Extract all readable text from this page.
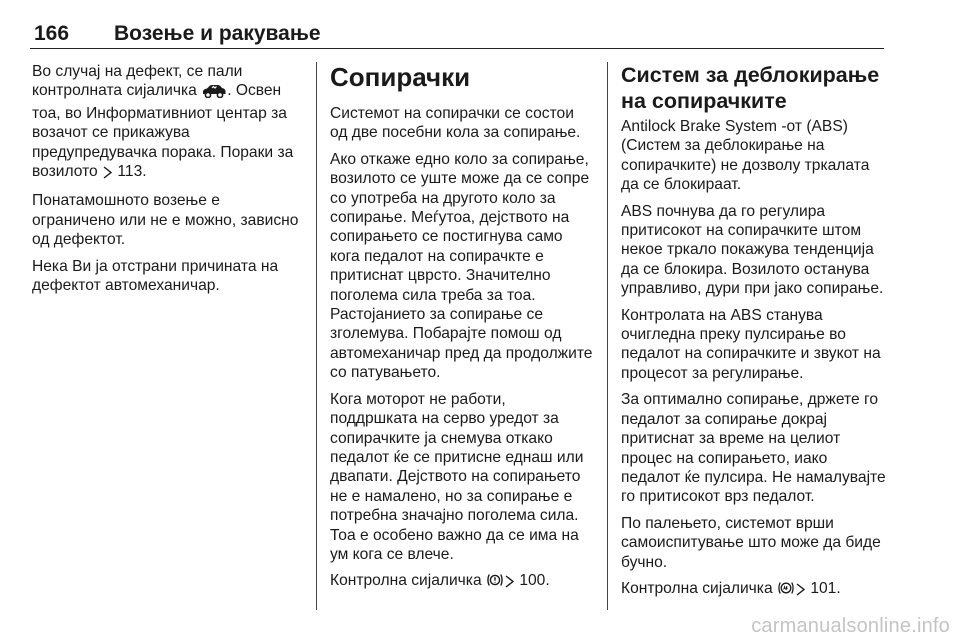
166 Возење и ракување

Во случај на дефект, се пали контролната сијаличка . Освен тоа, во Информативниот центар за возачот се прикажува предупредувачка порака. Пораки за возилото  113.

Понатамошното возење е ограничено или не е можно, зависно од дефектот.

Нека Ви ја отстрани причината на дефектот автомеханичар.

Сопирачки

Системот на сопирачки се состои од две посебни кола за сопирање.

Ако откаже едно коло за сопирање, возилото се уште може да се сопре со употреба на другото коло за сопирање. Меѓутоа, дејството на сопирањето се постигнува само кога педалот на сопирачкте е притиснат цврсто. Значително поголема сила треба за тоа. Растојанието за сопирање се зголемува. Побарајте помош од автомеханичар пред да продолжите со патувањето.

Кога моторот не работи, поддршката на серво уредот за сопирачките ја снемува откако педалот ќе се притисне еднаш или двапати. Дејството на сопирањето не е намалено, но за сопирање е потребна значајно поголема сила. Тоа е особено важно да се има на ум кога се влече.

Контролна сијаличка  100.

Систем за деблокирање на сопирачките

Antilock Brake System -от (ABS) (Систем за деблокирање на сопирачките) не дозволу тркалата да се блокираат.

ABS почнува да го регулира притисокот на сопирачките штом некое тркало покажува тенденција да се блокира. Возилото останува управливо, дури при јако сопирање.

Контролата на ABS станува очигледна преку пулсирање во педалот на сопирачките и звукот на процесот за регулирање.

За оптимално сопирање, држете го педалот за сопирање докрај притиснат за време на целиот процес на сопирањето, иако педалот ќе пулсира. Не намалувајте го притисокот врз педалот.

По палењето, системот врши самоиспитување што може да биде бучно.

Контролна сијаличка  101.

carmanualsonline.info
